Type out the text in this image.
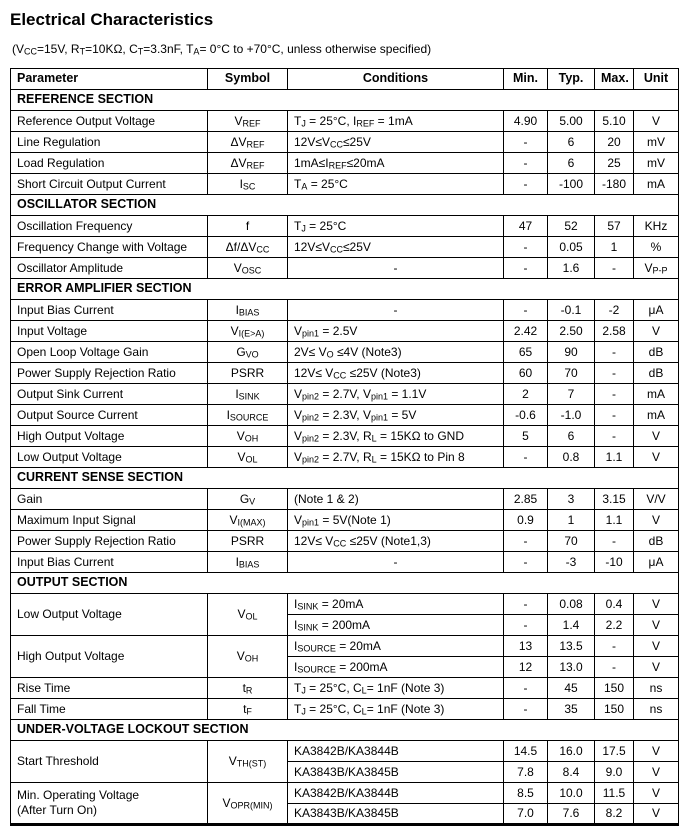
Electrical Characteristics

($V_{CC}=15V$, $R_T=10K\Omega$, $C_T=3.3nF$, $T_A= 0^\circ C$ to +70°C, unless otherwise specified)

Parameter	Symbol	Conditions	Min.	Typ.	Max.	Unit
REFERENCE SECTION						
Reference Output Voltage	$V_{REF}$	$T_J = 25^\circ C$, $I_{REF} = 1mA$	4.90	5.00	5.10	V
Line Regulation	$\Delta V_{REF}$	$12V\le V_{CC}\le 25V$	-	6	20	mV
Load Regulation	$\Delta V_{REF}$	$1mA\le I_{REF}\le 20mA$	-	6	25	mV
Short Circuit Output Current	$I_{SC}$	$T_A = 25^\circ C$	-	-100	-180	mA
OSCILLATOR SECTION						
Oscillation Frequency	f	$T_J = 25^\circ C$	47	52	57	KHz
Frequency Change with Voltage	$\Delta f/\Delta V_{CC}$	$12V\le V_{CC}\le 25V$	-	0.05	1	%
Oscillator Amplitude	$V_{OSC}$	-	-	1.6	-	$V_{P-P}$
ERROR AMPLIFIER SECTION						
Input Bias Current	$I_{BIAS}$	-	-	-0.1	-2	μA
Input Voltage	$V_{I(E>A)}$	$V_{pin1} = 2.5V$	2.42	2.50	2.58	V
Open Loop Voltage Gain	$G_{VO}$	$2V\le V_O \le 4V$ (Note3)	65	90	-	dB
Power Supply Rejection Ratio	PSRR	$12V\le V_{CC} \le 25V$ (Note3)	60	70	-	dB
Output Sink Current	$I_{SINK}$	$V_{pin2} = 2.7V$, $V_{pin1} = 1.1V$	2	7	-	mA
Output Source Current	$I_{SOURCE}$	$V_{pin2} = 2.3V$, $V_{pin1} = 5V$	-0.6	-1.0	-	mA
High Output Voltage	$V_{OH}$	$V_{pin2} = 2.3V$, $R_L = 15K\Omega$ to GND	5	6	-	V
Low Output Voltage	$V_{OL}$	$V_{pin2} = 2.7V$, $R_L = 15K\Omega$ to Pin 8	-	0.8	1.1	V
CURRENT SENSE SECTION						
Gain	$G_V$	(Note 1 & 2)	2.85	3	3.15	V/V
Maximum Input Signal	$V_{I(MAX)}$	$V_{pin1}$ = 5V(Note 1)	0.9	1	1.1	V
Power Supply Rejection Ratio	PSRR	$12V\le V_{CC} \le 25V$ (Note1,3)	-	70	-	dB
Input Bias Current	$I_{BIAS}$	-	-	-3	-10	μA
OUTPUT SECTION						
Low Output Voltage	$V_{OL}$	$I_{SINK} = 20mA$	-	0.08	0.4	V
		$I_{SINK} = 200mA$	-	1.4	2.2	V
High Output Voltage	$V_{OH}$	$I_{SOURCE} = 20mA$	13	13.5	-	V
		$I_{SOURCE} = 200mA$	12	13.0	-	V
Rise Time	$t_R$	$T_J = 25^\circ C$, $C_L= 1nF$ (Note 3)	-	45	150	ns
Fall Time	$t_F$	$T_J = 25^\circ C$, $C_L= 1nF$ (Note 3)	-	35	150	ns
UNDER-VOLTAGE LOCKOUT SECTION						
Start Threshold	$V_{TH(ST)}$	KA3842B/KA3844B	14.5	16.0	17.5	V
		KA3843B/KA3845B	7.8	8.4	9.0	V
Min. Operating Voltage
(After Turn On)	$V_{OPR(MIN)}$	KA3842B/KA3844B	8.5	10.0	11.5	V
		KA3843B/KA3845B	7.0	7.6	8.2	V
